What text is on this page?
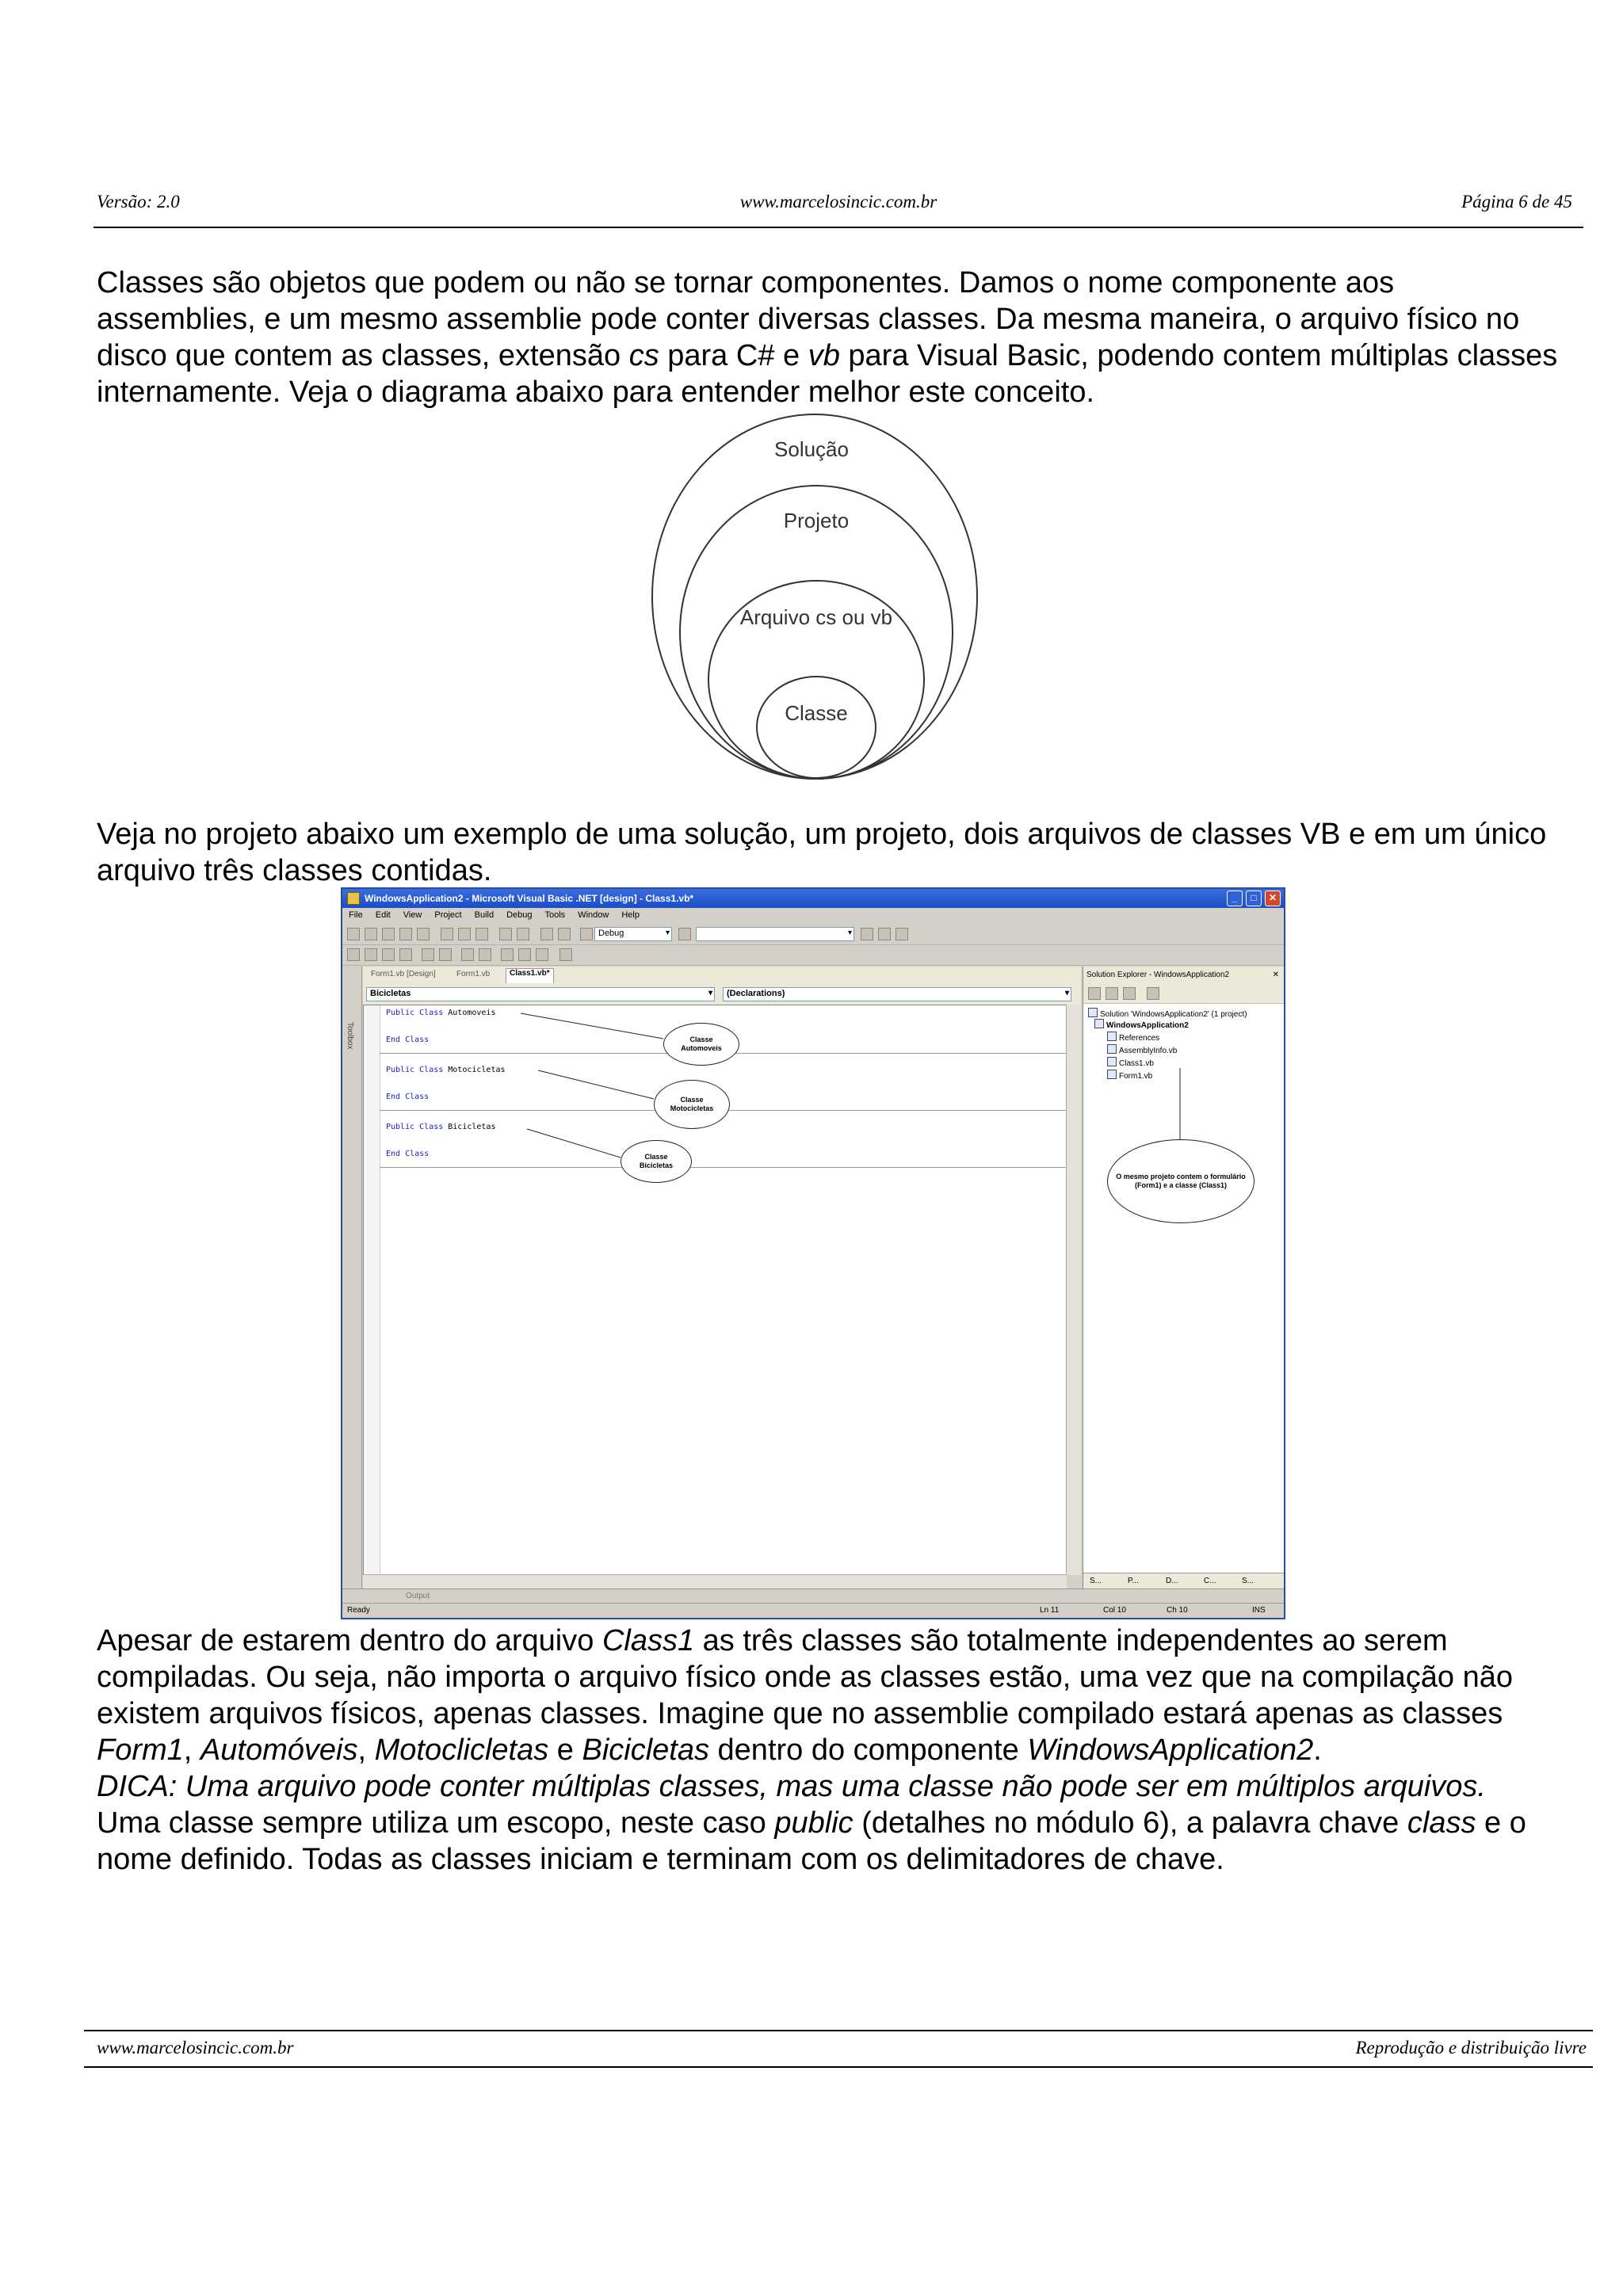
Versão: 2.0	www.marcelosincic.com.br	Página 6 de 45

Classes são objetos que podem ou não se tornar componentes. Damos o nome componente aos assemblies, e um mesmo assemblie pode conter diversas classes. Da mesma maneira, o arquivo físico no disco que contem as classes, extensão cs para C# e vb para Visual Basic, podendo contem múltiplas classes internamente. Veja o diagrama abaixo para entender melhor este conceito.

Solução
Projeto
Arquivo cs ou vb
Classe

Veja no projeto abaixo um exemplo de uma solução, um projeto, dois arquivos de classes VB e em um único arquivo três classes contidas.

WindowsApplication2 - Microsoft Visual Basic .NET [design] - Class1.vb*	_	□	✕
File Edit View Project Build Debug Tools Window Help
Debug ▾
▾
Toolbox
Form1.vb [Design]	Form1.vb	Class1.vb*
Bicicletas ▾	(Declarations) ▾
Public Class Automoveis
End Class
Public Class Motocicletas
End Class
Public Class Bicicletas
End Class
Classe
Automoveis
Classe
Motocicletas
Classe
Bicicletas
Solution Explorer - WindowsApplication2	✕
Solution 'WindowsApplication2' (1 project)
WindowsApplication2
References
AssemblyInfo.vb
Class1.vb
Form1.vb
O mesmo projeto contem o formulário (Form1) e a classe (Class1)
S...	P...	D...	C...	S...
Output
Ready	Ln 11	Col 10	Ch 10	INS

Apesar de estarem dentro do arquivo Class1 as três classes são totalmente independentes ao serem compiladas. Ou seja, não importa o arquivo físico onde as classes estão, uma vez que na compilação não existem arquivos físicos, apenas classes. Imagine que no assemblie compilado estará apenas as classes Form1, Automóveis, Motoclicletas e Bicicletas dentro do componente WindowsApplication2.

DICA: Uma arquivo pode conter múltiplas classes, mas uma classe não pode ser em múltiplos arquivos.

Uma classe sempre utiliza um escopo, neste caso public (detalhes no módulo 6), a palavra chave class e o nome definido. Todas as classes iniciam e terminam com os delimitadores de chave.

www.marcelosincic.com.br	Reprodução e distribuição livre
